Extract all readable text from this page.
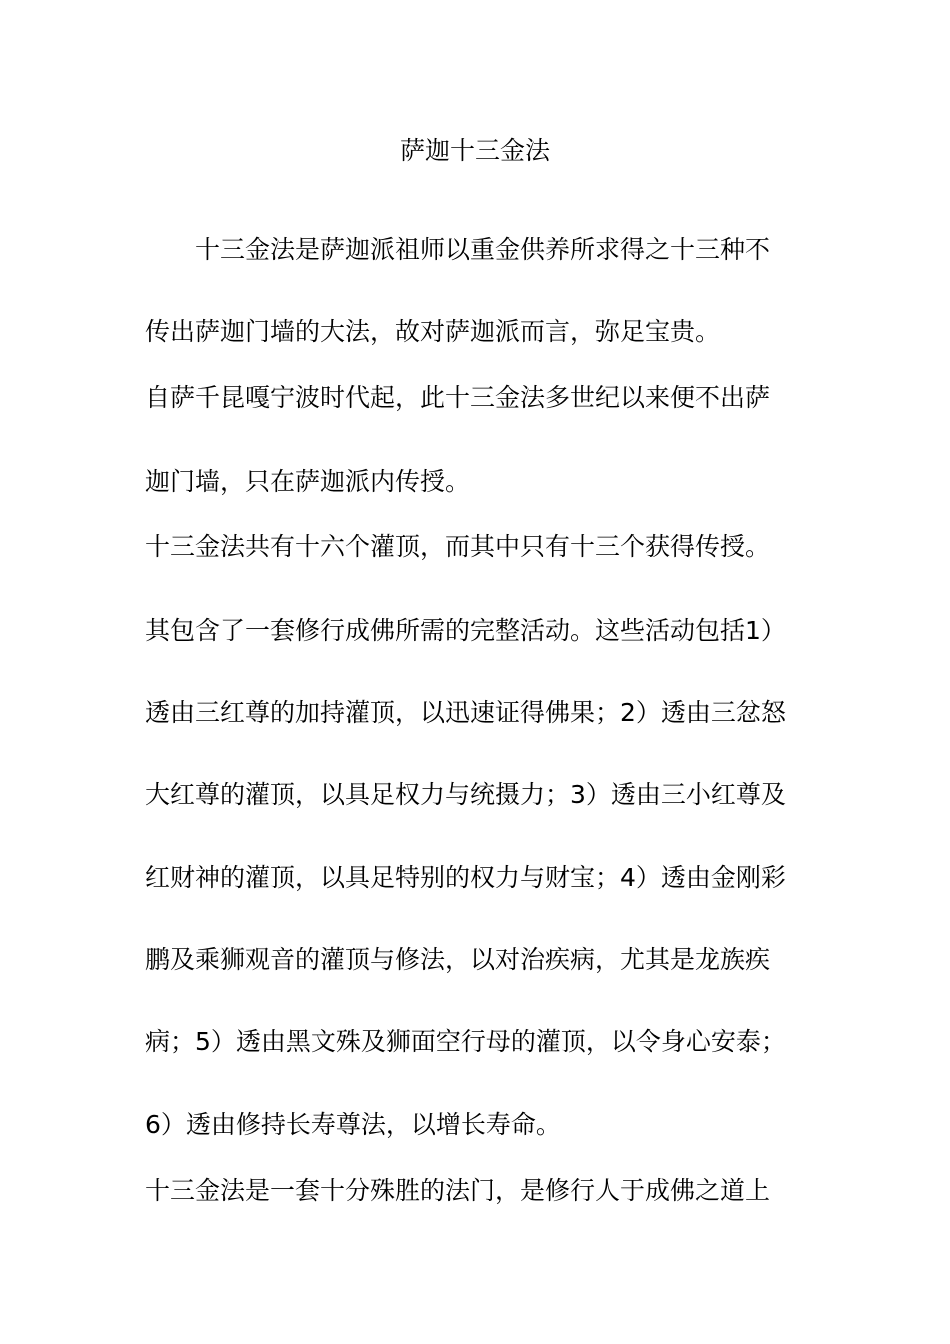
萨迦十三金法
十三金法是萨迦派祖师以重金供养所求得之十三种不
传出萨迦门墙的大法，故对萨迦派而言，弥足宝贵。
自萨千昆嘎宁波时代起，此十三金法多世纪以来便不出萨
迦门墙，只在萨迦派内传授。
十三金法共有十六个灌顶，而其中只有十三个获得传授。
其包含了一套修行成佛所需的完整活动。这些活动包括1）
透由三红尊的加持灌顶，以迅速证得佛果；2）透由三忿怒
大红尊的灌顶，以具足权力与统摄力；3）透由三小红尊及
红财神的灌顶，以具足特别的权力与财宝；4）透由金刚彩
鹏及乘狮观音的灌顶与修法，以对治疾病，尤其是龙族疾
病；5）透由黑文殊及狮面空行母的灌顶，以令身心安泰；
6）透由修持长寿尊法，以增长寿命。
十三金法是一套十分殊胜的法门，是修行人于成佛之道上
